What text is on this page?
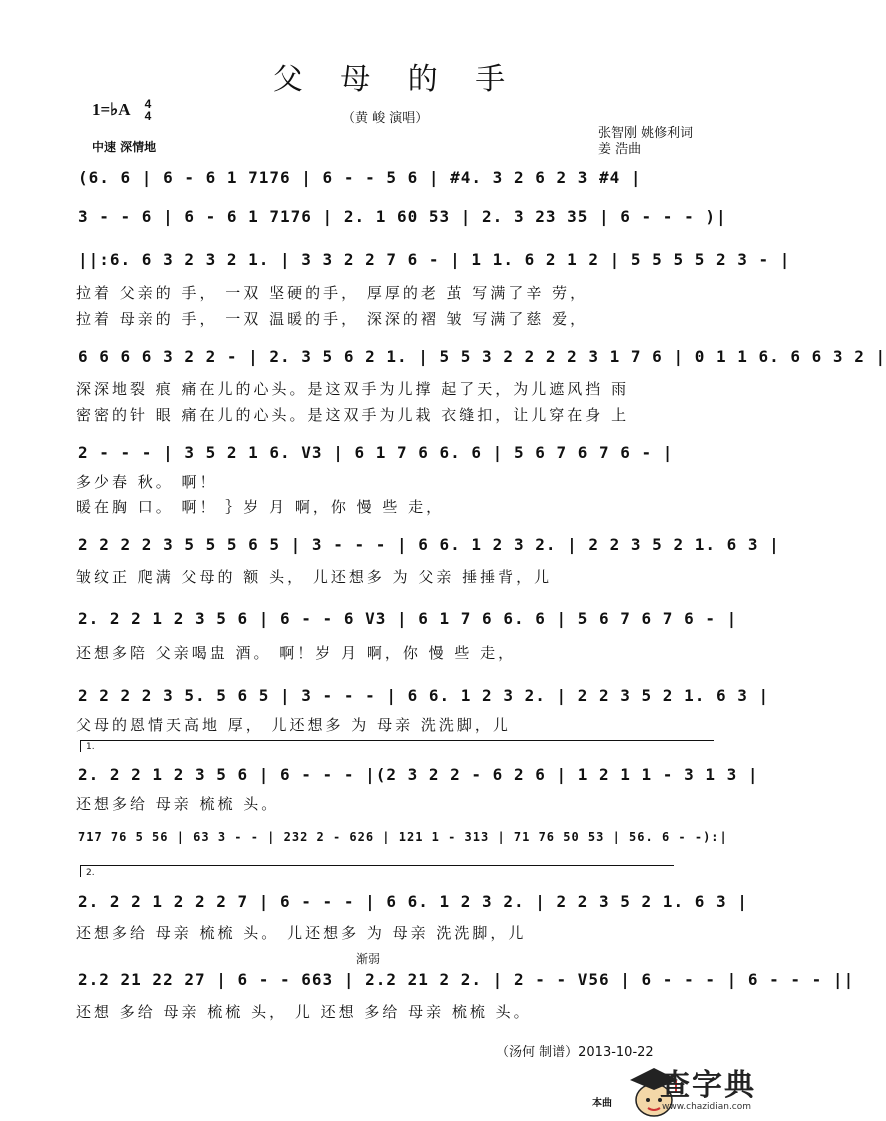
父 母 的 手
1=♭A 4
4	（黄 峻 演唱）
张智刚 姚修利词
姜 浩曲
中速 深情地
(6. 6 | 6 - 6 1 7176 | 6 - - 5 6 | #4. 3 2 6 2 3 #4 |
3 - - 6 | 6 - 6 1 7176 | 2. 1 60 53 | 2. 3 23 35 | 6 - - - )|
||:6. 6 3 2 3 2 1. | 3 3 2 2 7 6 - | 1 1. 6 2 1 2 | 5 5 5 5 2 3 - |
拉着 父亲的 手， 一双 坚硬的手， 厚厚的老 茧 写满了辛 劳，
拉着 母亲的 手， 一双 温暖的手， 深深的褶 皱 写满了慈 爱，
6 6 6 6 3 2 2 - | 2. 3 5 6 2 1. | 5 5 3 2 2 2 2 3 1 7 6 | 0 1 1 6. 6 6 3 2 |
深深地裂 痕 痛在儿的心头。是这双手为儿撑 起了天，为儿遮风挡 雨
密密的针 眼 痛在儿的心头。是这双手为儿栽 衣缝扣，让儿穿在身 上
2 - - - | 3 5 2 1 6. V3 | 6 1 7 6 6. 6 | 5 6 7 6 7 6 - |
多少春 秋。 啊！
暖在胸 口。 啊！ ｝岁 月 啊，你 慢 些 走，
2 2 2 2 3 5 5 5 6 5 | 3 - - - | 6 6. 1 2 3 2. | 2 2 3 5 2 1. 6 3 |
皱纹正 爬满 父母的 额 头， 儿还想多 为 父亲 捶捶背，儿
2. 2 2 1 2 3 5 6 | 6 - - 6 V3 | 6 1 7 6 6. 6 | 5 6 7 6 7 6 - |
还想多陪 父亲喝盅 酒。 啊！岁 月 啊，你 慢 些 走，
2 2 2 2 3 5. 5 6 5 | 3 - - - | 6 6. 1 2 3 2. | 2 2 3 5 2 1. 6 3 |
父母的恩情天高地 厚， 儿还想多 为 母亲 洗洗脚，儿
1.
2. 2 2 1 2 3 5 6 | 6 - - - |(2 3 2 2 - 6 2 6 | 1 2 1 1 - 3 1 3 |
还想多给 母亲 梳梳 头。
717 76 5 56 | 63 3 - - | 232 2 - 626 | 121 1 - 313 | 71 76 50 53 | 56. 6 - -):|
2.
2. 2 2 1 2 2 2 7 | 6 - - - | 6 6. 1 2 3 2. | 2 2 3 5 2 1. 6 3 |
还想多给 母亲 梳梳 头。 儿还想多 为 母亲 洗洗脚，儿
渐弱
2.2 21 22 27 | 6 - - 663 | 2.2 21 2 2. | 2 - - V56 | 6 - - - | 6 - - - ||
还想 多给 母亲 梳梳 头， 儿 还想 多给 母亲 梳梳 头。
（汤何 制谱）2013-10-22
本曲
查字典
www.chazidian.com
